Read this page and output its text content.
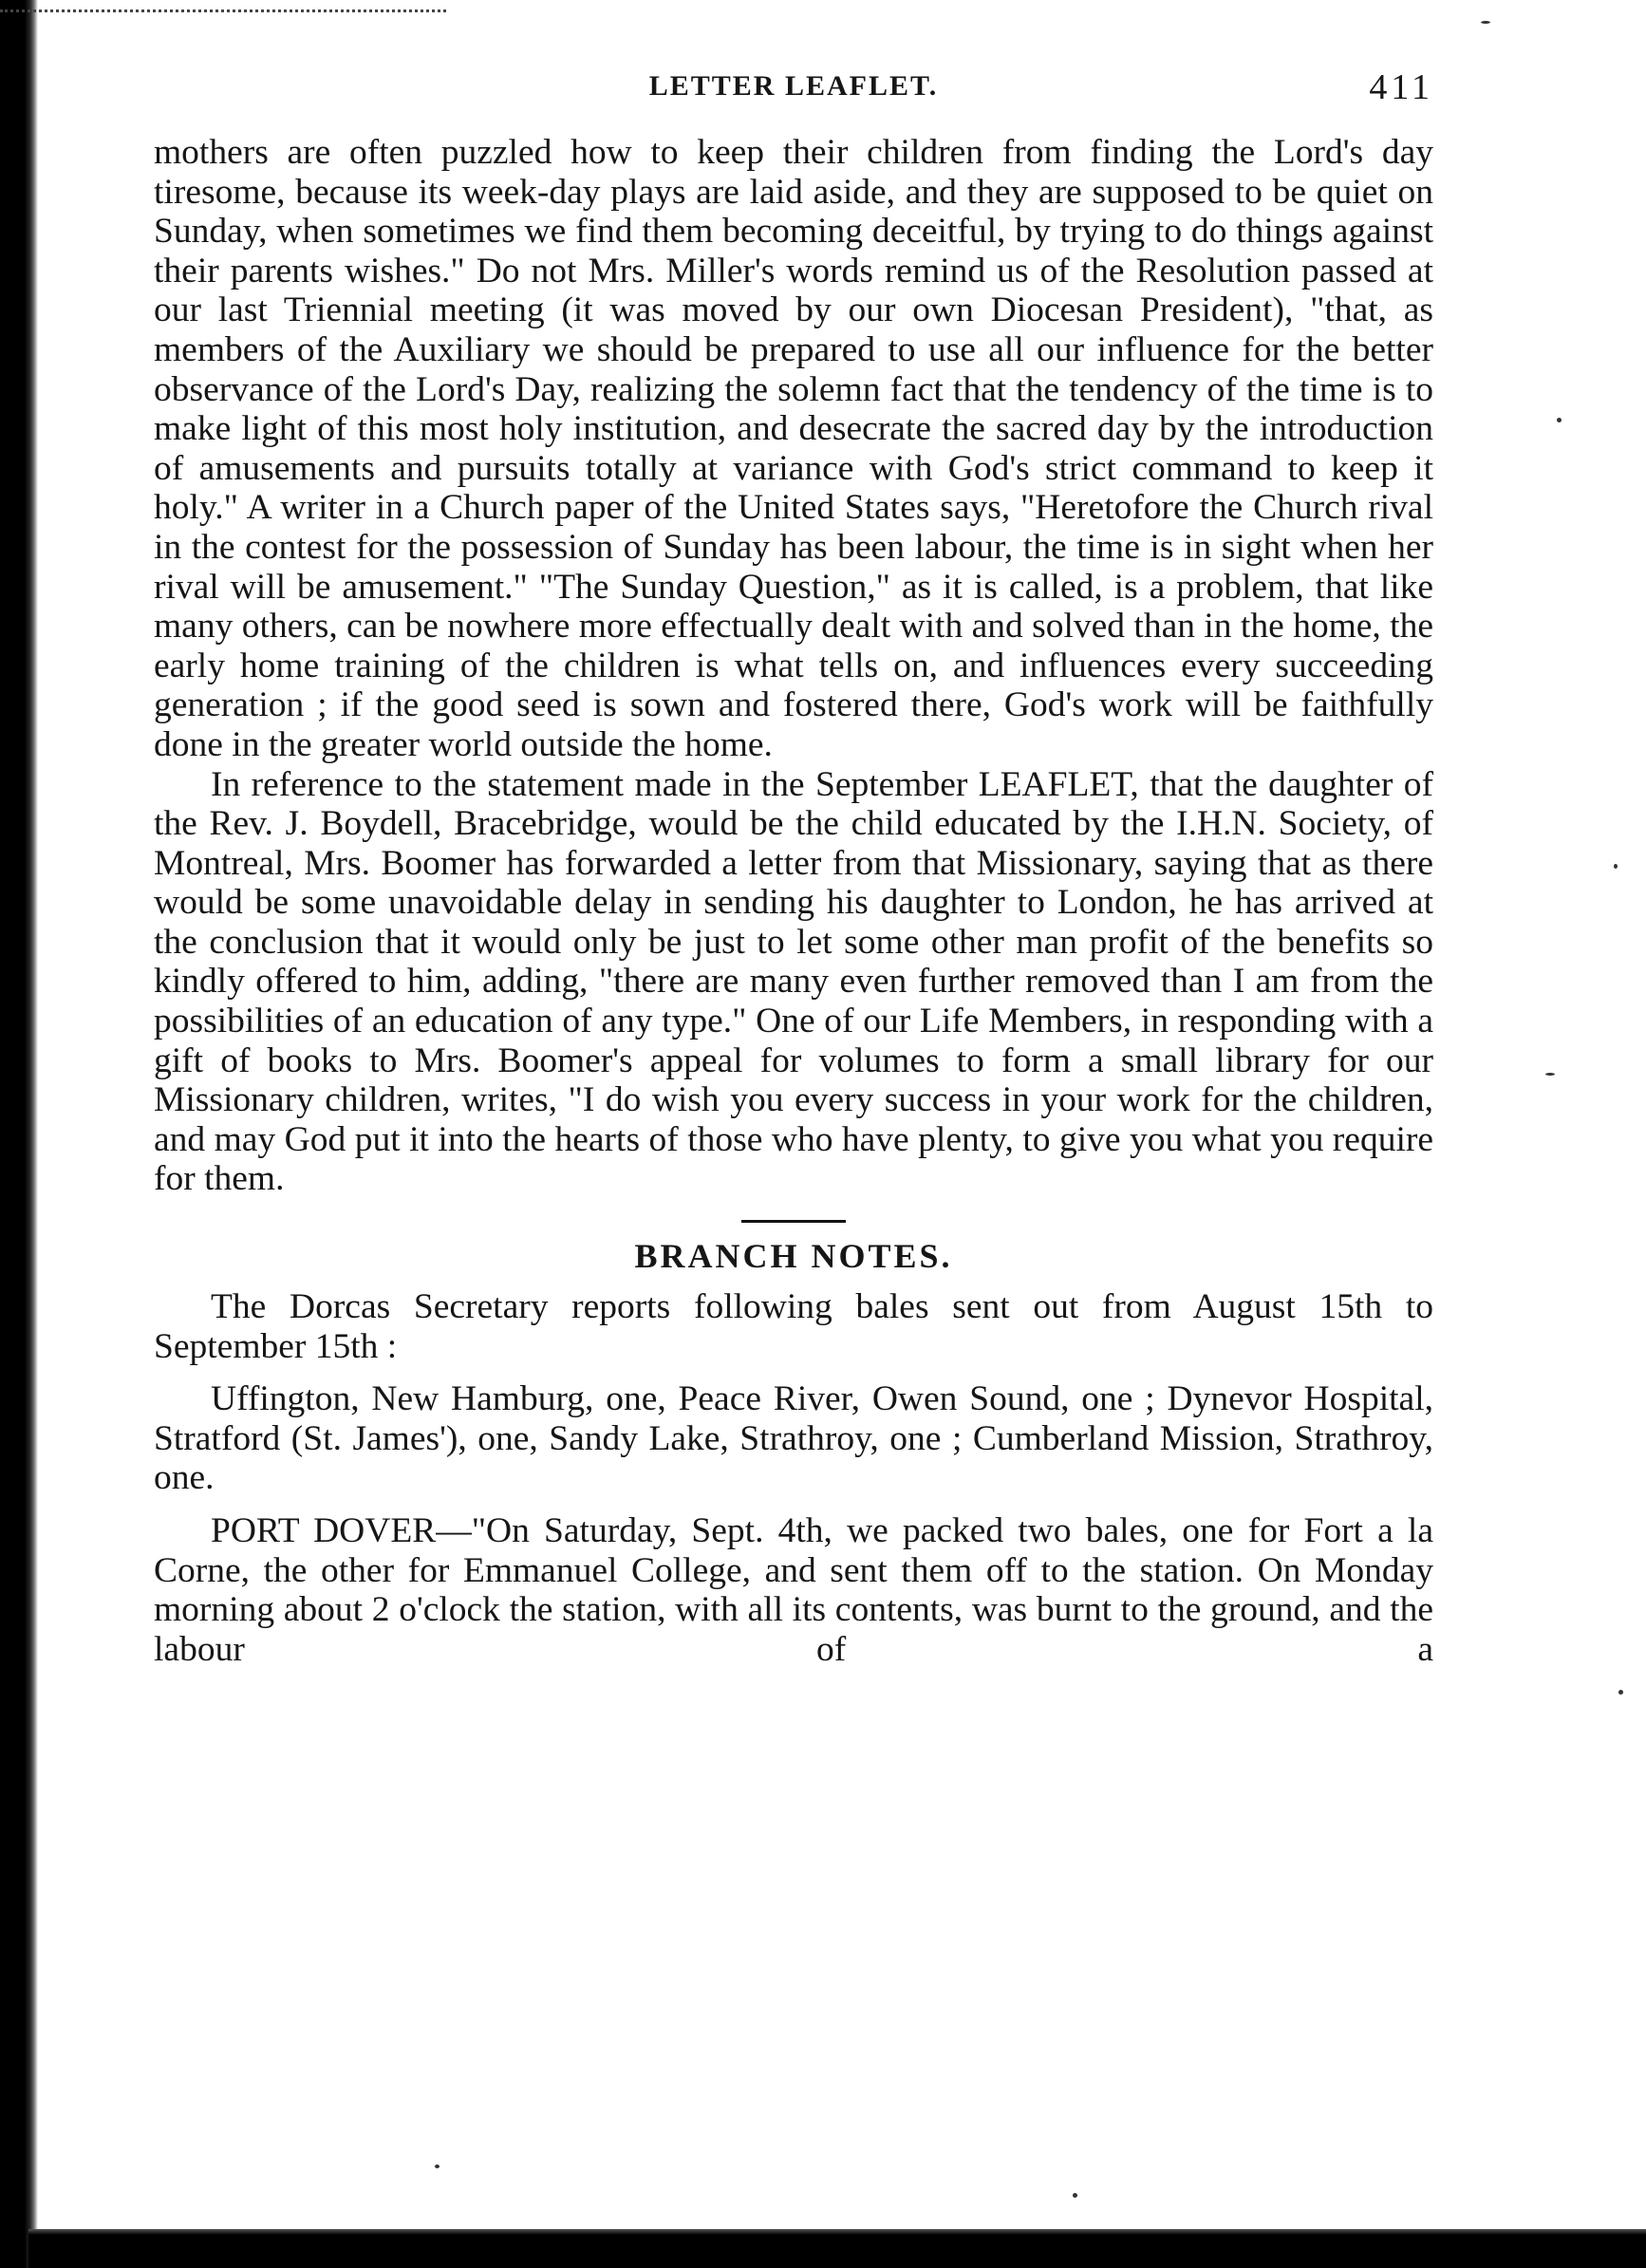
LETTER LEAFLET.	411

mothers are often puzzled how to keep their children from finding the Lord's day tiresome, because its week-day plays are laid aside, and they are supposed to be quiet on Sunday, when sometimes we find them becoming deceitful, by trying to do things against their parents wishes." Do not Mrs. Miller's words remind us of the Resolution passed at our last Triennial meeting (it was moved by our own Diocesan President), "that, as members of the Auxiliary we should be prepared to use all our influence for the better observance of the Lord's Day, realizing the solemn fact that the tendency of the time is to make light of this most holy institution, and desecrate the sacred day by the introduction of amusements and pursuits totally at variance with God's strict command to keep it holy." A writer in a Church paper of the United States says, "Heretofore the Church rival in the contest for the possession of Sunday has been labour, the time is in sight when her rival will be amusement." "The Sunday Question," as it is called, is a problem, that like many others, can be nowhere more effectually dealt with and solved than in the home, the early home training of the children is what tells on, and influences every succeeding generation ; if the good seed is sown and fostered there, God's work will be faithfully done in the greater world outside the home.

In reference to the statement made in the September LEAFLET, that the daughter of the Rev. J. Boydell, Bracebridge, would be the child educated by the I.H.N. Society, of Montreal, Mrs. Boomer has forwarded a letter from that Missionary, saying that as there would be some unavoidable delay in sending his daughter to London, he has arrived at the conclusion that it would only be just to let some other man profit of the benefits so kindly offered to him, adding, "there are many even further removed than I am from the possibilities of an education of any type." One of our Life Members, in responding with a gift of books to Mrs. Boomer's appeal for volumes to form a small library for our Missionary children, writes, "I do wish you every success in your work for the children, and may God put it into the hearts of those who have plenty, to give you what you require for them.

BRANCH NOTES.

The Dorcas Secretary reports following bales sent out from August 15th to September 15th :

Uffington, New Hamburg, one, Peace River, Owen Sound, one ; Dynevor Hospital, Stratford (St. James'), one, Sandy Lake, Strathroy, one ; Cumberland Mission, Strathroy, one.

PORT DOVER—"On Saturday, Sept. 4th, we packed two bales, one for Fort a la Corne, the other for Emmanuel College, and sent them off to the station. On Monday morning about 2 o'clock the station, with all its contents, was burnt to the ground, and the labour of a
